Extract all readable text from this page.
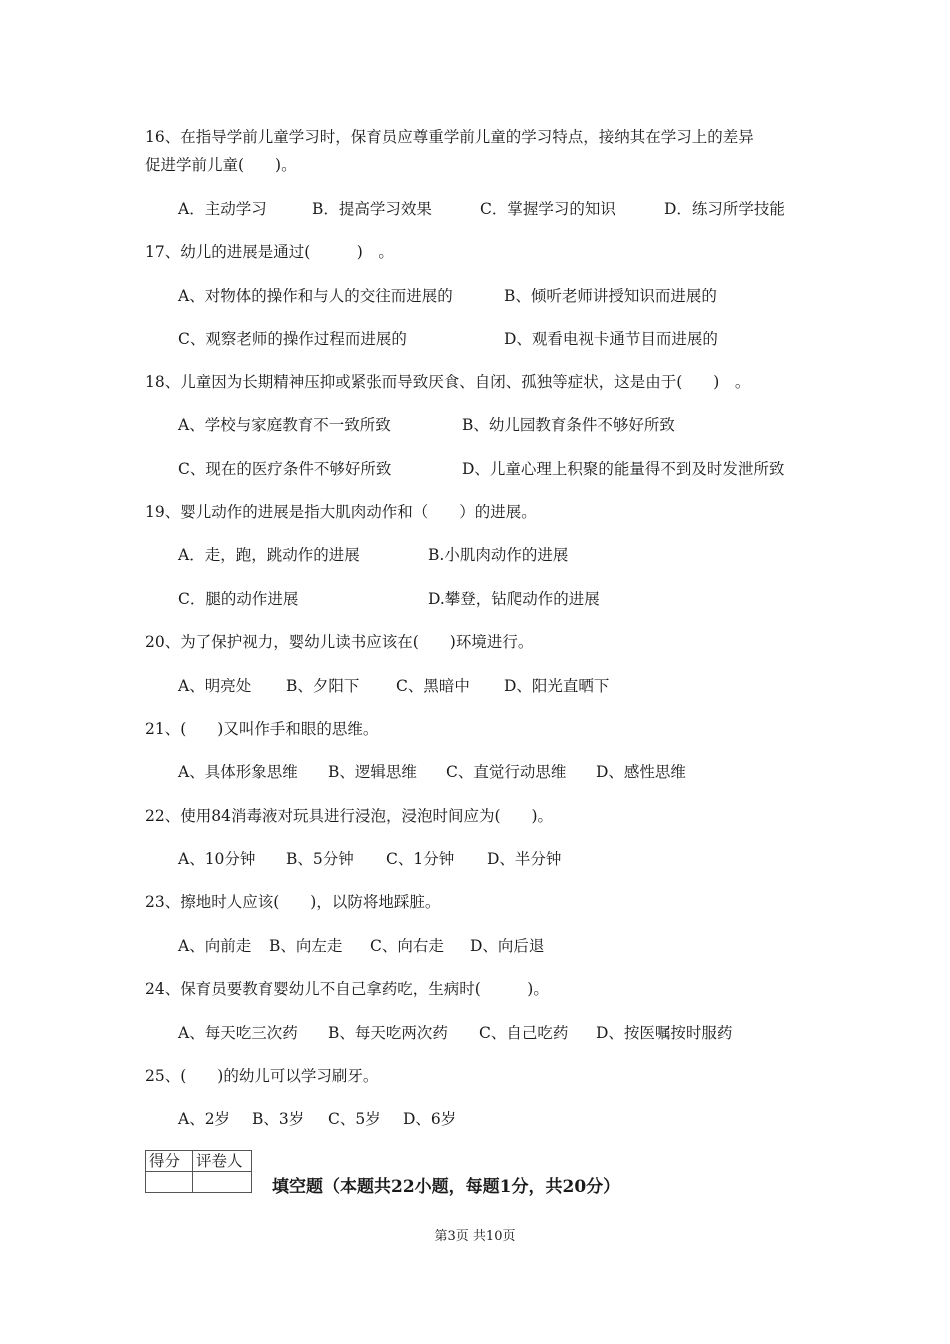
16、在指导学前儿童学习时，保育员应尊重学前儿童的学习特点，接纳其在学习上的差异
促进学前儿童(　　)。
A．主动学习	B．提高学习效果	C．掌握学习的知识	D．练习所学技能
17、幼儿的进展是通过(　　　)　。
A、对物体的操作和与人的交往而进展的	B、倾听老师讲授知识而进展的
C、观察老师的操作过程而进展的	D、观看电视卡通节目而进展的
18、儿童因为长期精神压抑或紧张而导致厌食、自闭、孤独等症状，这是由于(　　)　。
A、学校与家庭教育不一致所致	B、幼儿园教育条件不够好所致
C、现在的医疗条件不够好所致	D、儿童心理上积聚的能量得不到及时发泄所致
19、婴儿动作的进展是指大肌肉动作和（　　）的进展。
A．走，跑，跳动作的进展	B.小肌肉动作的进展
C．腿的动作进展	D.攀登，钻爬动作的进展
20、为了保护视力，婴幼儿读书应该在(　　)环境进行。
A、明亮处 B、夕阳下 C、黑暗中 D、阳光直晒下
21、(　　)又叫作手和眼的思维。
A、具体形象思维 B、逻辑思维 C、直觉行动思维 D、感性思维
22、使用84消毒液对玩具进行浸泡，浸泡时间应为(　　)。
A、10分钟 B、5分钟 C、1分钟 D、半分钟
23、擦地时人应该(　　)，以防将地踩脏。
A、向前走 B、向左走 C、向右走 D、向后退
24、保育员要教育婴幼儿不自己拿药吃，生病时(　　　)。
A、每天吃三次药 B、每天吃两次药 C、自己吃药 D、按医嘱按时服药
25、(　　)的幼儿可以学习刷牙。
A、2岁 B、3岁 C、5岁 D、6岁
得分	评卷人

填空题（本题共22小题，每题1分，共20分）
第3页 共10页
